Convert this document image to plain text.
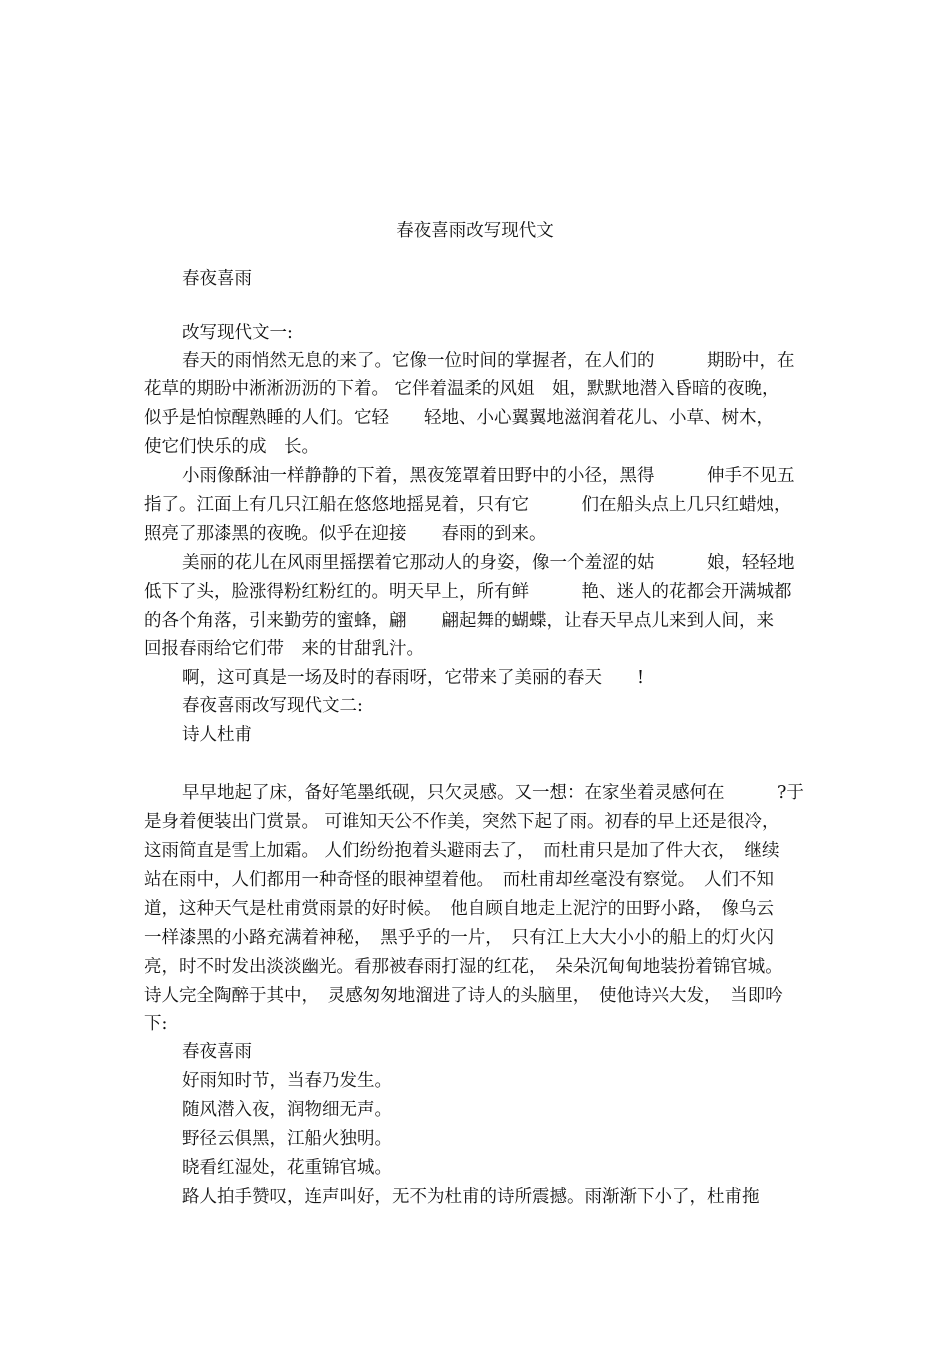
春夜喜雨改写现代文
春夜喜雨
改写现代文一:
春天的雨悄然无息的来了。它像一位时间的掌握者，在人们的　　　期盼中，在
花草的期盼中淅淅沥沥的下着。 它伴着温柔的风姐　姐，默默地潜入昏暗的夜晚，
似乎是怕惊醒熟睡的人们。它轻　　轻地、小心翼翼地滋润着花儿、小草、树木，
使它们快乐的成　长。
小雨像酥油一样静静的下着，黑夜笼罩着田野中的小径，黑得　　　伸手不见五
指了。江面上有几只江船在悠悠地摇晃着，只有它　　　们在船头点上几只红蜡烛，
照亮了那漆黑的夜晚。似乎在迎接　　春雨的到来。
美丽的花儿在风雨里摇摆着它那动人的身姿，像一个羞涩的姑　　　娘，轻轻地
低下了头，脸涨得粉红粉红的。明天早上，所有鲜　　　艳、迷人的花都会开满城都
的各个角落，引来勤劳的蜜蜂，翩　　翩起舞的蝴蝶，让春天早点儿来到人间，来
回报春雨给它们带　来的甘甜乳汁。
啊，这可真是一场及时的春雨呀，它带来了美丽的春天　　!
春夜喜雨改写现代文二:
诗人杜甫
早早地起了床，备好笔墨纸砚，只欠灵感。又一想：在家坐着灵感何在　　　?于
是身着便装出门赏景。 可谁知天公不作美，突然下起了雨。初春的早上还是很冷，
这雨简直是雪上加霜。 人们纷纷抱着头避雨去了，　而杜甫只是加了件大衣，　继续
站在雨中，人们都用一种奇怪的眼神望着他。　而杜甫却丝毫没有察觉。　人们不知
道，这种天气是杜甫赏雨景的好时候。　他自顾自地走上泥泞的田野小路，　像乌云
一样漆黑的小路充满着神秘，　黑乎乎的一片，　只有江上大大小小的船上的灯火闪
亮，时不时发出淡淡幽光。看那被春雨打湿的红花，　朵朵沉甸甸地装扮着锦官城。
诗人完全陶醉于其中，　灵感匆匆地溜进了诗人的头脑里，　使他诗兴大发，　当即吟
下:
春夜喜雨
好雨知时节，当春乃发生。
随风潜入夜，润物细无声。
野径云俱黑，江船火独明。
晓看红湿处，花重锦官城。
路人拍手赞叹，连声叫好，无不为杜甫的诗所震撼。雨渐渐下小了，杜甫拖
